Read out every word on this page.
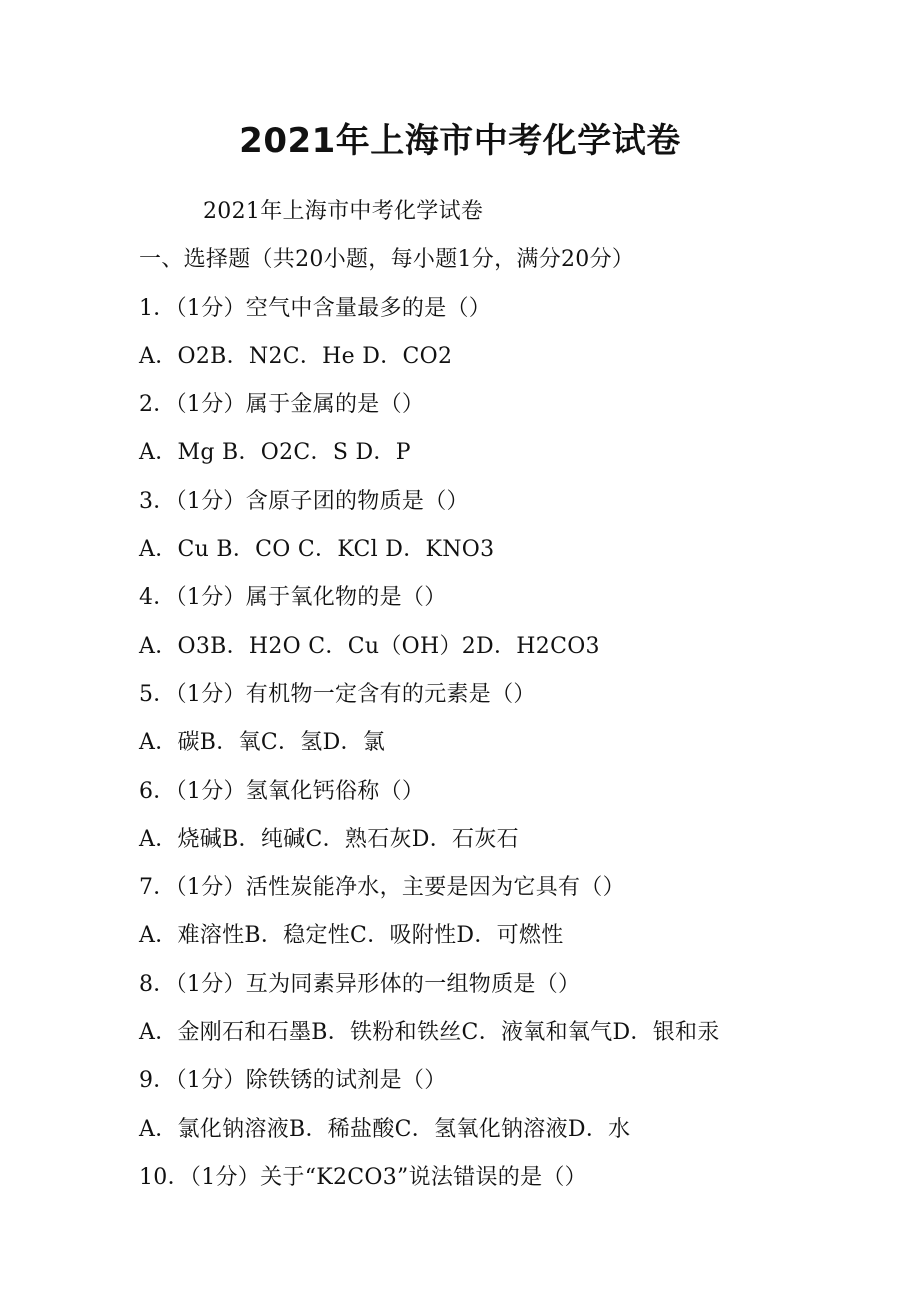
2021年上海市中考化学试卷
2021年上海市中考化学试卷
一、选择题（共20小题，每小题1分，满分20分）
1．（1分）空气中含量最多的是（）
A．O2B．N2C．He D．CO2
2．（1分）属于金属的是（）
A．Mg B．O2C．S D．P
3．（1分）含原子团的物质是（）
A．Cu B．CO C．KCl D．KNO3
4．（1分）属于氧化物的是（）
A．O3B．H2O C．Cu（OH）2D．H2CO3
5．（1分）有机物一定含有的元素是（）
A．碳B．氧C．氢D．氯
6．（1分）氢氧化钙俗称（）
A．烧碱B．纯碱C．熟石灰D．石灰石
7．（1分）活性炭能净水，主要是因为它具有（）
A．难溶性B．稳定性C．吸附性D．可燃性
8．（1分）互为同素异形体的一组物质是（）
A．金刚石和石墨B．铁粉和铁丝C．液氧和氧气D．银和汞
9．（1分）除铁锈的试剂是（）
A．氯化钠溶液B．稀盐酸C．氢氧化钠溶液D．水
10．（1分）关于“K2CO3”说法错误的是（）
